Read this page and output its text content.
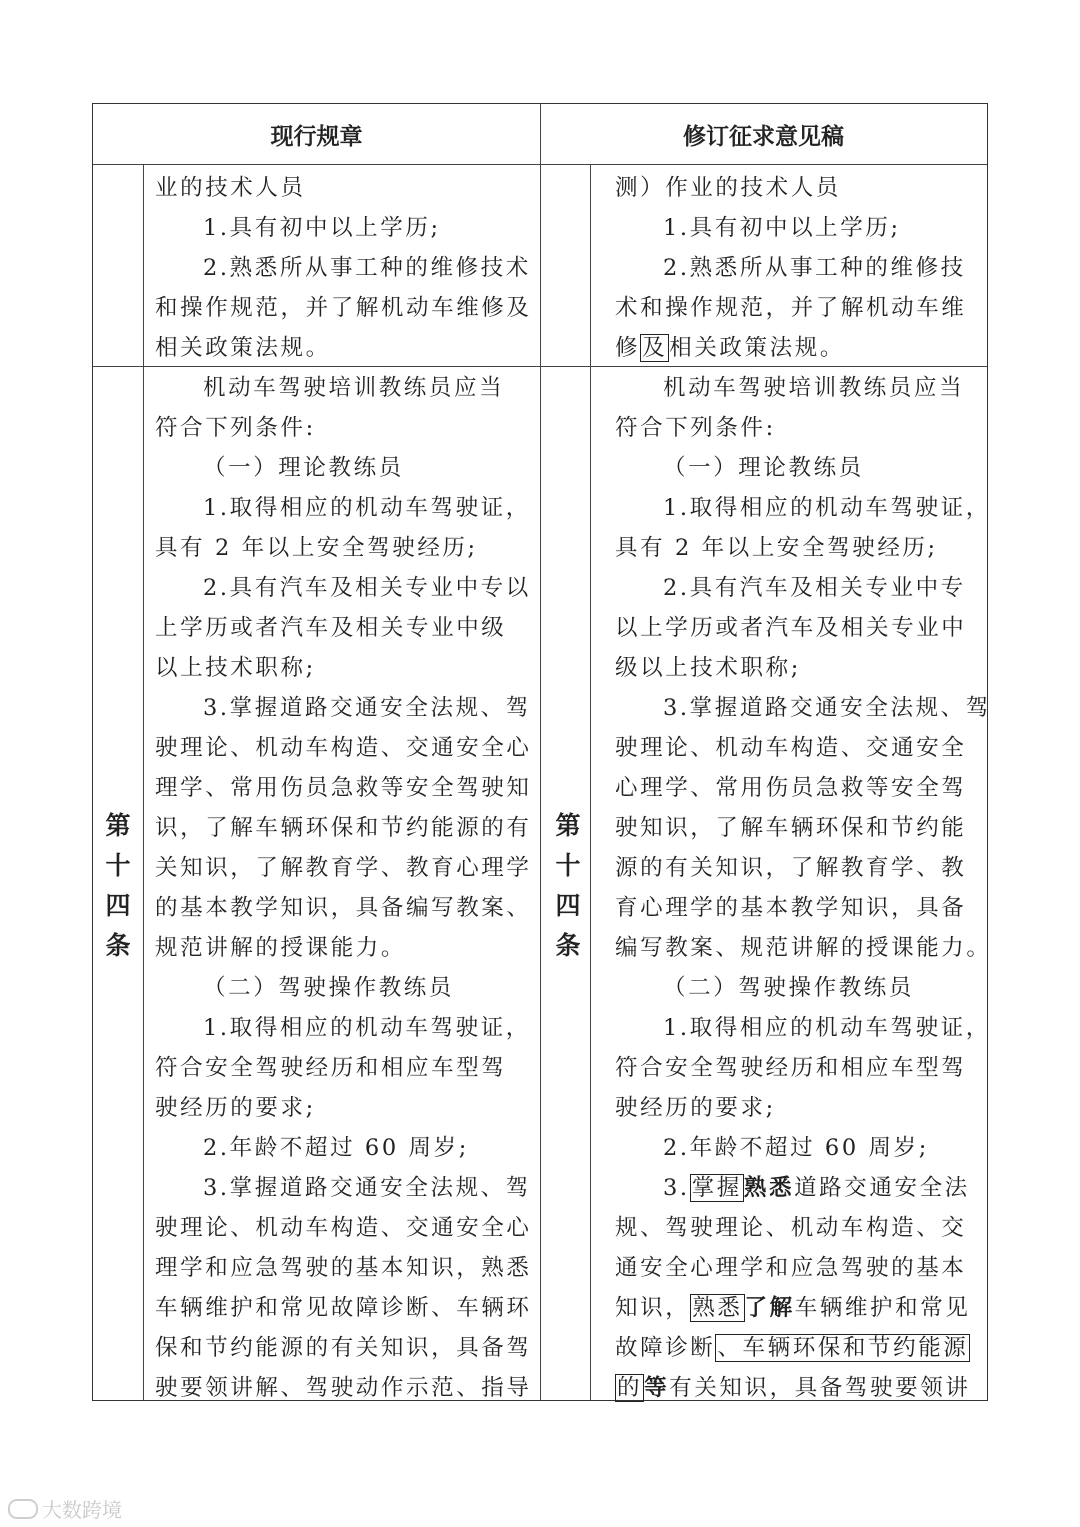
现行规章	修订征求意见稿
业的技术人员
1.具有初中以上学历;
2.熟悉所从事工种的维修技术
和操作规范，并了解机动车维修及
相关政策法规。
测）作业的技术人员
1.具有初中以上学历;
2.熟悉所从事工种的维修技
术和操作规范，并了解机动车维
修及相关政策法规。
第
十
四
条
第
十
四
条
机动车驾驶培训教练员应当
符合下列条件:
（一）理论教练员
1.取得相应的机动车驾驶证，
具有 2 年以上安全驾驶经历;
2.具有汽车及相关专业中专以
上学历或者汽车及相关专业中级
以上技术职称;
3.掌握道路交通安全法规、驾
驶理论、机动车构造、交通安全心
理学、常用伤员急救等安全驾驶知
识，了解车辆环保和节约能源的有
关知识，了解教育学、教育心理学
的基本教学知识，具备编写教案、
规范讲解的授课能力。
（二）驾驶操作教练员
1.取得相应的机动车驾驶证，
符合安全驾驶经历和相应车型驾
驶经历的要求;
2.年龄不超过 60 周岁;
3.掌握道路交通安全法规、驾
驶理论、机动车构造、交通安全心
理学和应急驾驶的基本知识，熟悉
车辆维护和常见故障诊断、车辆环
保和节约能源的有关知识，具备驾
驶要领讲解、驾驶动作示范、指导
机动车驾驶培训教练员应当
符合下列条件:
（一）理论教练员
1.取得相应的机动车驾驶证，
具有 2 年以上安全驾驶经历;
2.具有汽车及相关专业中专
以上学历或者汽车及相关专业中
级以上技术职称;
3.掌握道路交通安全法规、驾
驶理论、机动车构造、交通安全
心理学、常用伤员急救等安全驾
驶知识，了解车辆环保和节约能
源的有关知识，了解教育学、教
育心理学的基本教学知识，具备
编写教案、规范讲解的授课能力。
（二）驾驶操作教练员
1.取得相应的机动车驾驶证，
符合安全驾驶经历和相应车型驾
驶经历的要求;
2.年龄不超过 60 周岁;
3.掌握熟悉道路交通安全法
规、驾驶理论、机动车构造、交
通安全心理学和应急驾驶的基本
知识，熟悉了解车辆维护和常见
故障诊断、车辆环保和节约能源
的等有关知识，具备驾驶要领讲
大数跨境
